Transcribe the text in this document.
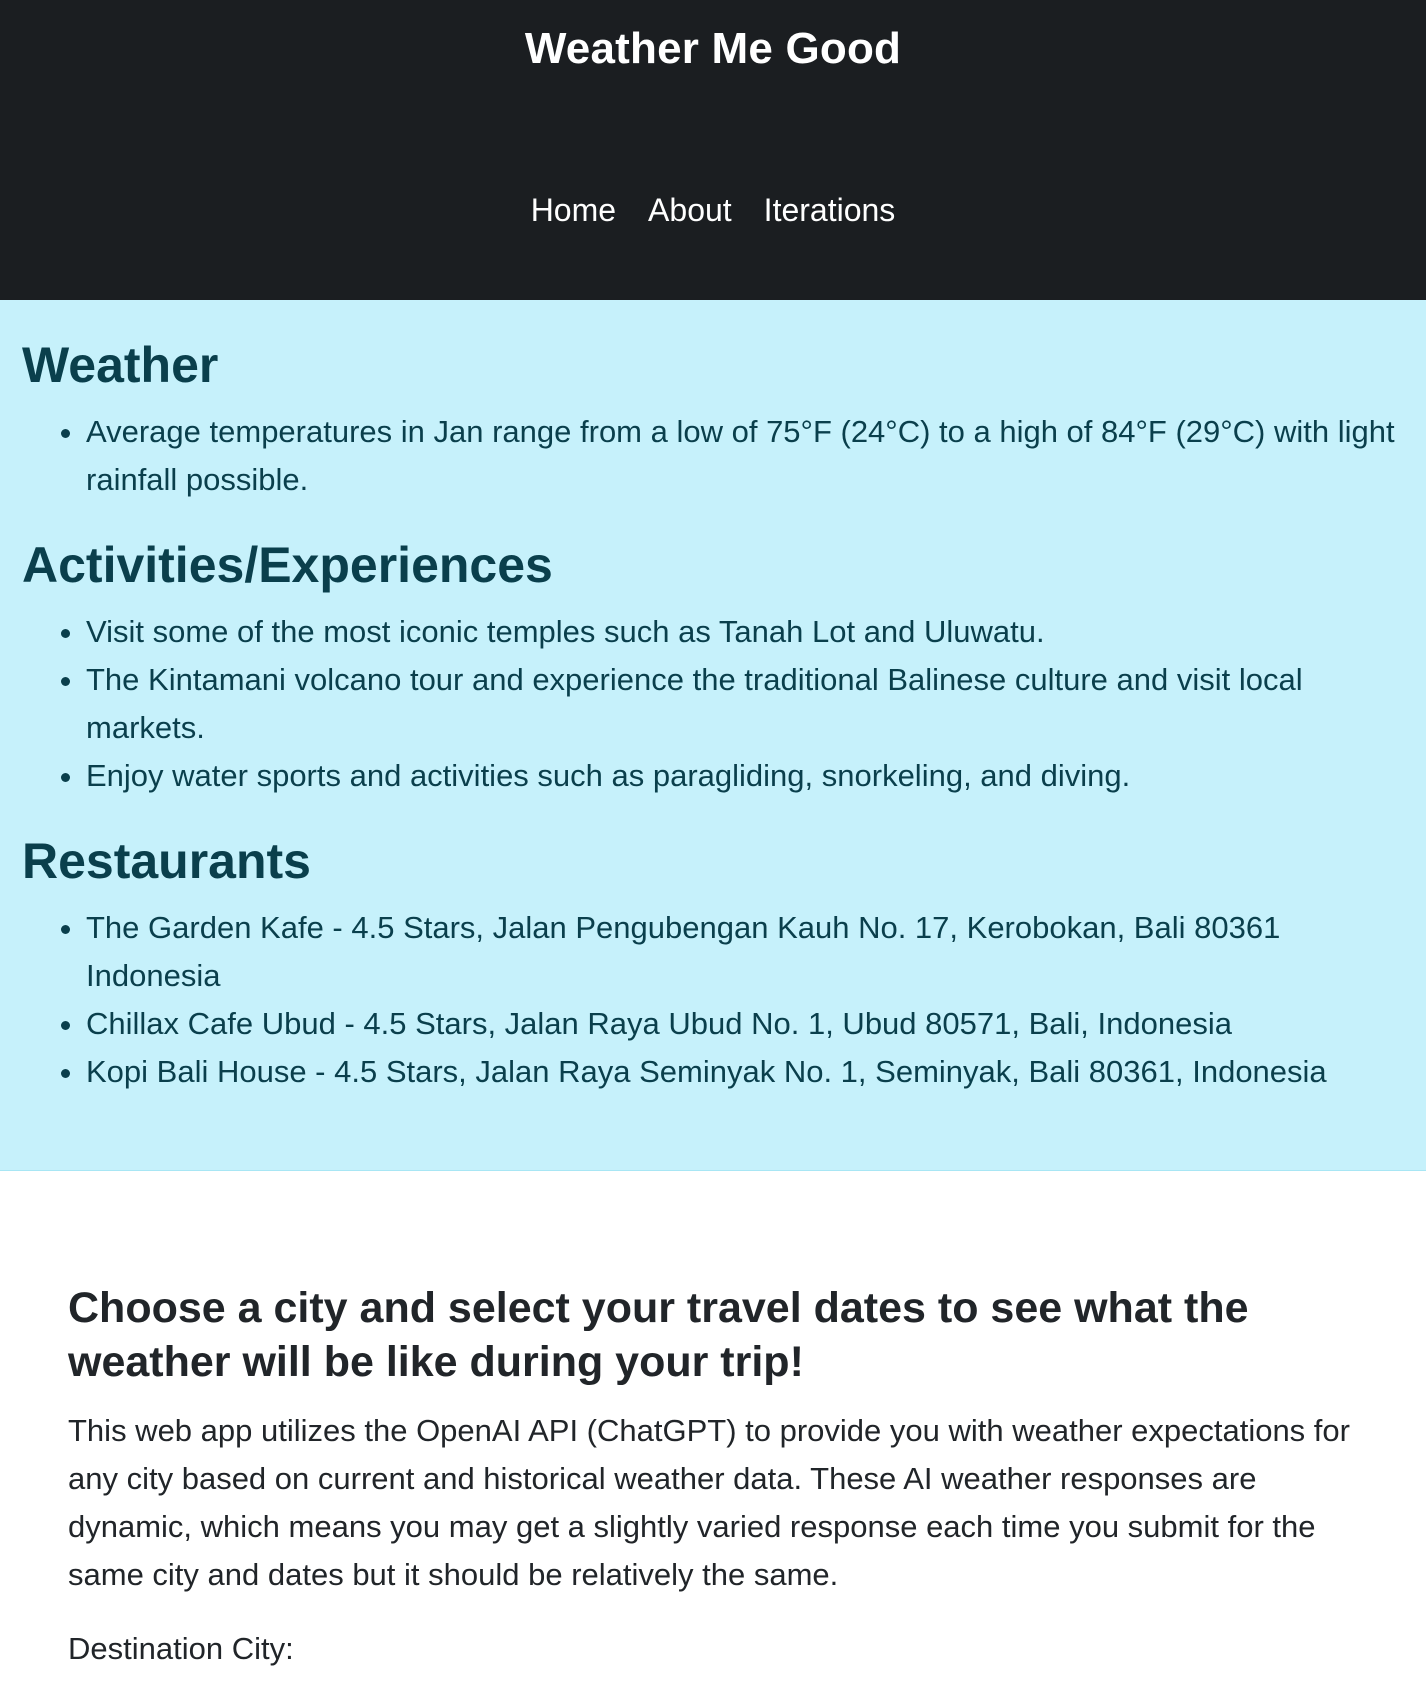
Weather Me Good
Home About Iterations
Weather
• Average temperatures in Jan range from a low of 75°F (24°C) to a high of 84°F (29°C) with light rainfall possible.
Activities/Experiences
• Visit some of the most iconic temples such as Tanah Lot and Uluwatu.
• The Kintamani volcano tour and experience the traditional Balinese culture and visit local markets.
• Enjoy water sports and activities such as paragliding, snorkeling, and diving.
Restaurants
• The Garden Kafe - 4.5 Stars, Jalan Pengubengan Kauh No. 17, Kerobokan, Bali 80361 Indonesia
• Chillax Cafe Ubud - 4.5 Stars, Jalan Raya Ubud No. 1, Ubud 80571, Bali, Indonesia
• Kopi Bali House - 4.5 Stars, Jalan Raya Seminyak No. 1, Seminyak, Bali 80361, Indonesia
Choose a city and select your travel dates to see what the weather will be like during your trip!

This web app utilizes the OpenAI API (ChatGPT) to provide you with weather expectations for any city based on current and historical weather data. These AI weather responses are dynamic, which means you may get a slightly varied response each time you submit for the same city and dates but it should be relatively the same.

Destination City:
